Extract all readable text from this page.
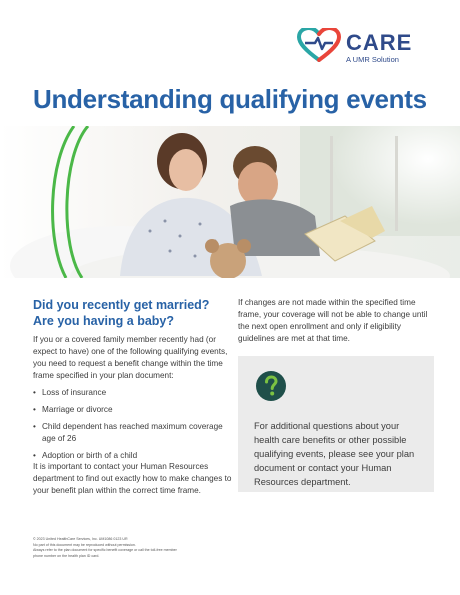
CARE
A UMR Solution
Understanding qualifying events
Did you recently get married?
Are you having a baby?

If you or a covered family member recently had (or expect to have) one of the following qualifying events, you need to request a benefit change within the time frame specified in your plan document:

• Loss of insurance
• Marriage or divorce
• Child dependent has reached maximum coverage age of 26
• Adoption or birth of a child

It is important to contact your Human Resources department to find out exactly how to make changes to your benefit plan within the correct time frame.

If changes are not made within the specified time frame, your coverage will not be able to change until the next open enrollment and only if eligibility guidelines are met at that time.

For additional questions about your health care benefits or other possible qualifying events, please see your plan document or contact your Human Resources department.

© 2023 United HealthCare Services, Inc. UM1086 0123 UR
No part of this document may be reproduced without permission.
Always refer to the plan document for specific benefit coverage or call the toll-free member
phone number on the health plan ID card.
